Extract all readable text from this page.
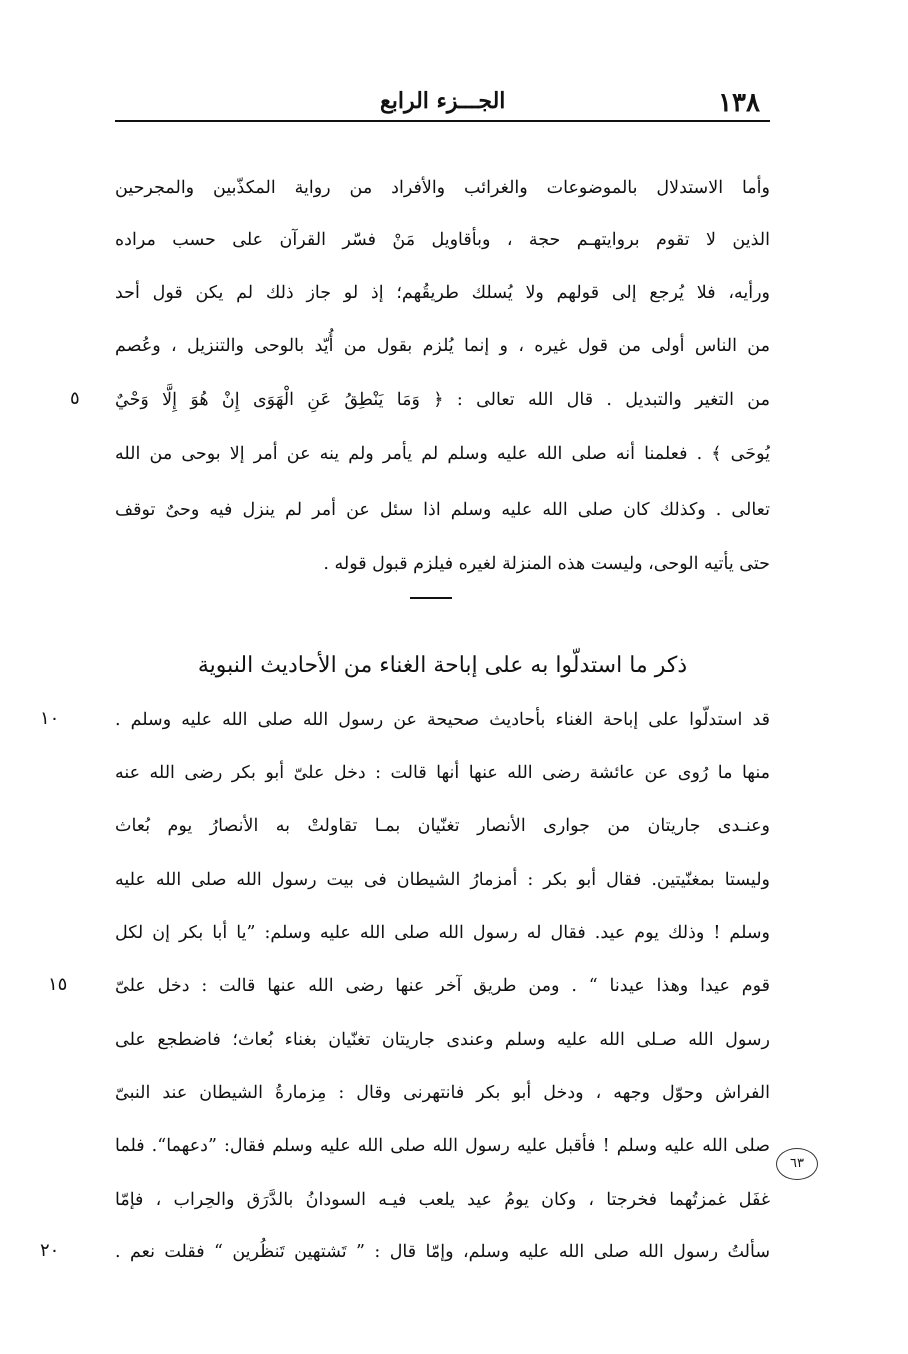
١٣٨
الجـــزء الرابع
وأما الاستدلال بالموضوعات والغرائب والأفراد من رواية المكذّبين والمجرحين
الذين لا تقوم بروايتهـم حجة ، وبأقاويل مَنْ فسّر القرآن على حسب مراده
ورأيه، فلا يُرجع إلى قولهم ولا يُسلك طريقُهم؛ إذ لو جاز ذلك لم يكن قول أحد
من الناس أولى من قول غيره ، و إنما يُلزم بقول من أُيّد بالوحى والتنزيل ، وعُصم
من التغير والتبديل . قال الله تعالى : ﴿ وَمَا يَنْطِقُ عَنِ الْهَوَى إِنْ هُوَ إِلَّا وَحْيٌ
يُوحَى ﴾ . فعلمنا أنه صلى الله عليه وسلم لم يأمر ولم ينه عن أمر إلا بوحى من الله
تعالى . وكذلك كان صلى الله عليه وسلم اذا سئل عن أمر لم ينزل فيه وحىٌ توقف
حتى يأتيه الوحى، وليست هذه المنزلة لغيره فيلزم قبول قوله .
ذكر ما استدلّوا به على إباحة الغناء من الأحاديث النبوية
قد استدلّوا على إباحة الغناء بأحاديث صحيحة عن رسول الله صلى الله عليه وسلم .
منها ما رُوى عن عائشة رضى الله عنها أنها قالت : دخل علىّ أبو بكر رضى الله عنه
وعنـدى جاريتان من جوارى الأنصار تغنّيان بمـا تقاولتْ به الأنصارُ يوم بُعاث
وليستا بمغنّيتين. فقال أبو بكر : أمزمارُ الشيطان فى بيت رسول الله صلى الله عليه
وسلم ! وذلك يوم عيد. فقال له رسول الله صلى الله عليه وسلم: ”يا أبا بكر إن لكل
قوم عيدا وهذا عيدنا “ . ومن طريق آخر عنها رضى الله عنها قالت : دخل علىّ
رسول الله صـلى الله عليه وسلم وعندى جاريتان تغنّيان بغناء بُعاث؛ فاضطجع على
الفراش وحوّل وجهه ، ودخل أبو بكر فانتهرنى وقال : مِزمارةُ الشيطان عند النبىّ
صلى الله عليه وسلم ! فأقبل عليه رسول الله صلى الله عليه وسلم فقال: ”دعهما“. فلما
غفَل غمزتُهما فخرجتا ، وكان يومُ عيد يلعب فيـه السودانُ بالدَّرَق والحِراب ، فإمّا
سألتُ رسول الله صلى الله عليه وسلم، وإمّا قال : ” تَشتهين تَنظُرين “ فقلت نعم .
٥
١٠
١٥
٢٠
٦٣
